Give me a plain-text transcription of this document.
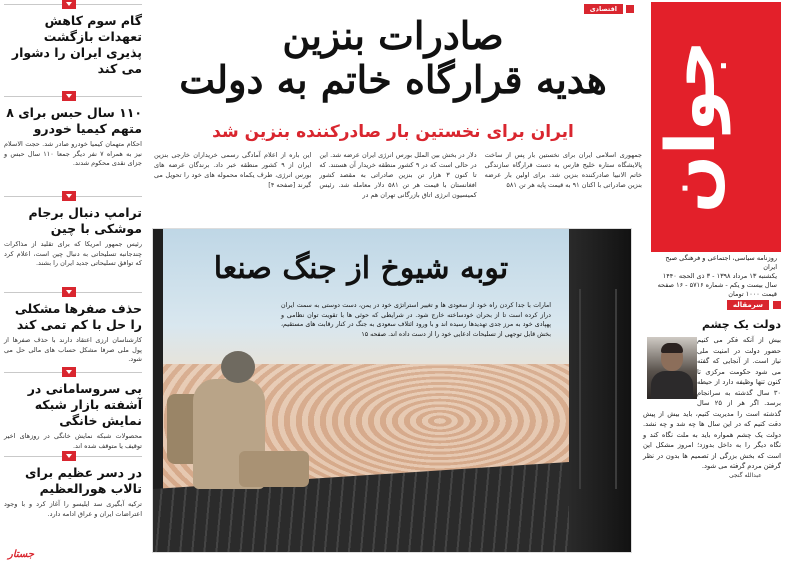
جوان
روزنامه سیاسی، اجتماعی و فرهنگی صبح ایران
یکشنبه ۱۳ مرداد ۱۳۹۸ - ۳ ذی الحجه ۱۴۴۰
سال بیست و یکم - شماره ۵۷۱۶ - ۱۶ صفحه
قیمت ۱۰۰۰ تومان
سرمقاله
دولت یک چشم
بیش از آنکه فکر می کنیم حضور دولت در امنیت ملی نیاز است. از آنجایی که گفته می شود حکومت مرکزی تا کنون تنها وظیفه دارد از حیطه ۳۰ سال گذشته به سرانجام برسد. اگر هر از ۲۵ سال گذشته است را مدیریت کنیم، باید بیش از پیش دقت کنیم که در این سال ها چه شد و چه نشد. دولت یک چشم همواره باید به ملت نگاه کند و نگاه دیگر را به داخل بدوزد؛ امروز مشکل این است که بخش بزرگی از تصمیم ها بدون در نظر گرفتن مردم گرفته می شود.
عبدالله گنجی
گام سوم کاهش تعهدات بازگشت پذیری ایران را دشوار می کند
۱۱۰ سال حبس برای ۸ متهم کیمیا خودرو

احکام متهمان کیمیا خودرو صادر شد. حجت الاسلام نیز به همراه ۷ نفر دیگر جمعا ۱۱۰ سال حبس و جزای نقدی محکوم شدند.

ترامپ دنبال برجام موشکی با چین

رئیس جمهور امریکا که برای تقلید از مذاکرات چندجانبه تسلیحاتی به دنبال چین است، اعلام کرد که توافق تسلیحاتی جدید ایران را بشند.

حذف صفرها مشکلی را حل با کم تمی کند

کارشناسان ارزی اعتقاد دارند با حذف صفرها از پول ملی صرفا مشکل حساب های مالی حل می شود.

بی سروسامانی در آشفته بازار شبکه نمایش خانگی

محصولات شبکه نمایش خانگی در روزهای اخیر توقیف یا متوقف شده اند.

در دسر عظیم برای تالاب هورالعظیم

ترکیه آبگیری سد ایلیسو را آغاز کرد و با وجود اعتراضات ایران و عراق ادامه دارد.

جستار
اقتصادی
صادرات بنزین
هدیه قرارگاه خاتم به دولت
ایران برای نخستین بار صادرکننده بنزین شد
جمهوری اسلامی ایران برای نخستین بار پس از ساخت پالایشگاه ستاره خلیج فارس به دست قرارگاه سازندگی خاتم الانبیا صادرکننده بنزین شد. برای اولین بار عرضه بنزین صادراتی با اکتان ۹۱ به قیمت پایه هر تن ۵۸۱
دلار در بخش بین الملل بورس انرژی ایران عرضه شد. این در حالی است که در ۹ کشور منطقه خریدار آن هستند. که تا کنون ۳ هزار تن بنزین صادراتی به مقصد کشور افغانستان با قیمت هر تن ۵۸۱ دلار معامله شد. رئیس کمیسیون انرژی اتاق بازرگانی تهران هم در
این باره از اعلام آمادگی رسمی خریداران خارجی بنزین ایران از ۹ کشور منطقه خبر داد. برندگان عرضه های بورس انرژی، طرف یکماه محموله های خود را تحویل می گیرند [صفحه ۴]
توبه شیوخ از جنگ صنعا
امارات با جدا کردن راه خود از سعودی ها و تغییر استراتژی خود در یمن، دست دوستی به سمت ایران دراز کرده است تا از بحران خودساخته خارج شود. در شرایطی که حوثی ها با تقویت توان نظامی و پهپادی خود به مرز جدی تهدیدها رسیده اند و با ورود ائتلاف سعودی به جنگ در کنار رقابت های مستقیم، بخش قابل توجهی از تسلیحات ادعایی خود را از دست داده اند. صفحه ۱۵
